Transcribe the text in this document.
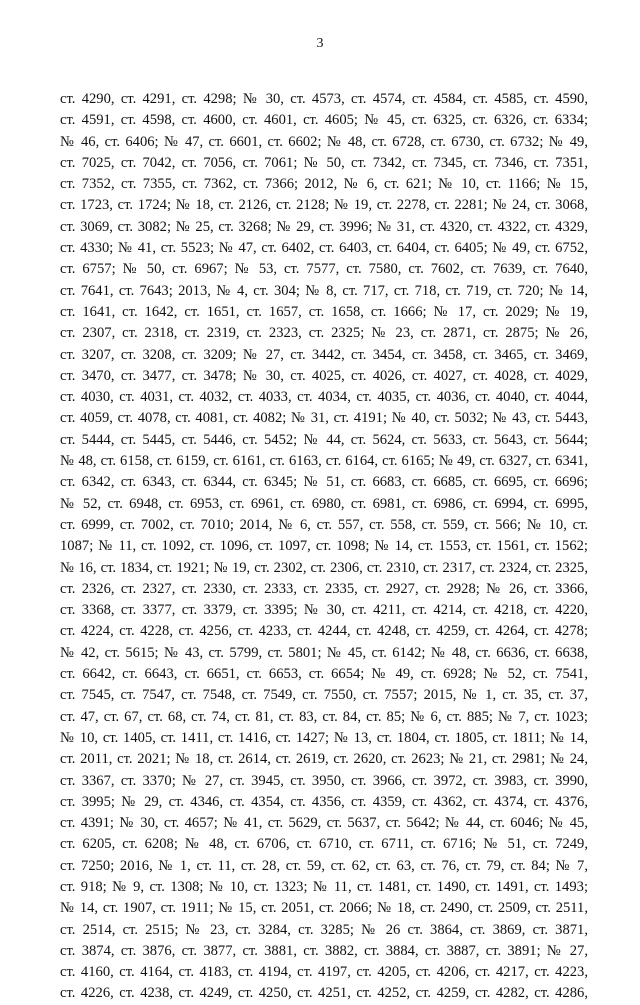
3
ст. 4290, ст. 4291, ст. 4298; № 30, ст. 4573, ст. 4574, ст. 4584, ст. 4585, ст. 4590,
ст. 4591, ст. 4598, ст. 4600, ст. 4601, ст. 4605; № 45, ст. 6325, ст. 6326, ст. 6334;
№ 46, ст. 6406; № 47, ст. 6601, ст. 6602; № 48, ст. 6728, ст. 6730, ст. 6732; № 49,
ст. 7025, ст. 7042, ст. 7056, ст. 7061; № 50, ст. 7342, ст. 7345, ст. 7346, ст. 7351,
ст. 7352, ст. 7355, ст. 7362, ст. 7366; 2012, № 6, ст. 621; № 10, ст. 1166; № 15,
ст. 1723, ст. 1724; № 18, ст. 2126, ст. 2128; № 19, ст. 2278, ст. 2281; № 24, ст. 3068,
ст. 3069, ст. 3082; № 25, ст. 3268; № 29, ст. 3996; № 31, ст. 4320, ст. 4322, ст. 4329,
ст. 4330; № 41, ст. 5523; № 47, ст. 6402, ст. 6403, ст. 6404, ст. 6405; № 49, ст. 6752,
ст. 6757; № 50, ст. 6967; № 53, ст. 7577, ст. 7580, ст. 7602, ст. 7639, ст. 7640,
ст. 7641, ст. 7643; 2013, № 4, ст. 304; № 8, ст. 717, ст. 718, ст. 719, ст. 720; № 14,
ст. 1641, ст. 1642, ст. 1651, ст. 1657, ст. 1658, ст. 1666; № 17, ст. 2029; № 19,
ст. 2307, ст. 2318, ст. 2319, ст. 2323, ст. 2325; № 23, ст. 2871, ст. 2875; № 26,
ст. 3207, ст. 3208, ст. 3209; № 27, ст. 3442, ст. 3454, ст. 3458, ст. 3465, ст. 3469,
ст. 3470, ст. 3477, ст. 3478; № 30, ст. 4025, ст. 4026, ст. 4027, ст. 4028, ст. 4029,
ст. 4030, ст. 4031, ст. 4032, ст. 4033, ст. 4034, ст. 4035, ст. 4036, ст. 4040, ст. 4044,
ст. 4059, ст. 4078, ст. 4081, ст. 4082; № 31, ст. 4191; № 40, ст. 5032; № 43, ст. 5443,
ст. 5444, ст. 5445, ст. 5446, ст. 5452; № 44, ст. 5624, ст. 5633, ст. 5643, ст. 5644;
№ 48, ст. 6158, ст. 6159, ст. 6161, ст. 6163, ст. 6164, ст. 6165; № 49, ст. 6327, ст. 6341,
ст. 6342, ст. 6343, ст. 6344, ст. 6345; № 51, ст. 6683, ст. 6685, ст. 6695, ст. 6696;
№ 52, ст. 6948, ст. 6953, ст. 6961, ст. 6980, ст. 6981, ст. 6986, ст. 6994, ст. 6995,
ст. 6999, ст. 7002, ст. 7010; 2014, № 6, ст. 557, ст. 558, ст. 559, ст. 566; № 10, ст.
1087; № 11, ст. 1092, ст. 1096, ст. 1097, ст. 1098; № 14, ст. 1553, ст. 1561, ст. 1562;
№ 16, ст. 1834, ст. 1921; № 19, ст. 2302, ст. 2306, ст. 2310, ст. 2317, ст. 2324, ст. 2325,
ст. 2326, ст. 2327, ст. 2330, ст. 2333, ст. 2335, ст. 2927, ст. 2928; № 26, ст. 3366,
ст. 3368, ст. 3377, ст. 3379, ст. 3395; № 30, ст. 4211, ст. 4214, ст. 4218, ст. 4220,
ст. 4224, ст. 4228, ст. 4256, ст. 4233, ст. 4244, ст. 4248, ст. 4259, ст. 4264, ст. 4278;
№ 42, ст. 5615; № 43, ст. 5799, ст. 5801; № 45, ст. 6142; № 48, ст. 6636, ст. 6638,
ст. 6642, ст. 6643, ст. 6651, ст. 6653, ст. 6654; № 49, ст. 6928; № 52, ст. 7541,
ст. 7545, ст. 7547, ст. 7548, ст. 7549, ст. 7550, ст. 7557; 2015, № 1, ст. 35, ст. 37,
ст. 47, ст. 67, ст. 68, ст. 74, ст. 81, ст. 83, ст. 84, ст. 85; № 6, ст. 885; № 7, ст. 1023;
№ 10, ст. 1405, ст. 1411, ст. 1416, ст. 1427; № 13, ст. 1804, ст. 1805, ст. 1811; № 14,
ст. 2011, ст. 2021; № 18, ст. 2614, ст. 2619, ст. 2620, ст. 2623; № 21, ст. 2981; № 24,
ст. 3367, ст. 3370; № 27, ст. 3945, ст. 3950, ст. 3966, ст. 3972, ст. 3983, ст. 3990,
ст. 3995; № 29, ст. 4346, ст. 4354, ст. 4356, ст. 4359, ст. 4362, ст. 4374, ст. 4376,
ст. 4391; № 30, ст. 4657; № 41, ст. 5629, ст. 5637, ст. 5642; № 44, ст. 6046; № 45,
ст. 6205, ст. 6208; № 48, ст. 6706, ст. 6710, ст. 6711, ст. 6716; № 51, ст. 7249,
ст. 7250; 2016, № 1, ст. 11, ст. 28, ст. 59, ст. 62, ст. 63, ст. 76, ст. 79, ст. 84; № 7,
ст. 918; № 9, ст. 1308; № 10, ст. 1323; № 11, ст. 1481, ст. 1490, ст. 1491, ст. 1493;
№ 14, ст. 1907, ст. 1911; № 15, ст. 2051, ст. 2066; № 18, ст. 2490, ст. 2509, ст. 2511,
ст. 2514, ст. 2515; № 23, ст. 3284, ст. 3285; № 26 ст. 3864, ст. 3869, ст. 3871,
ст. 3874, ст. 3876, ст. 3877, ст. 3881, ст. 3882, ст. 3884, ст. 3887, ст. 3891; № 27,
ст. 4160, ст. 4164, ст. 4183, ст. 4194, ст. 4197, ст. 4205, ст. 4206, ст. 4217, ст. 4223,
ст. 4226, ст. 4238, ст. 4249, ст. 4250, ст. 4251, ст. 4252, ст. 4259, ст. 4282, ст. 4286,
